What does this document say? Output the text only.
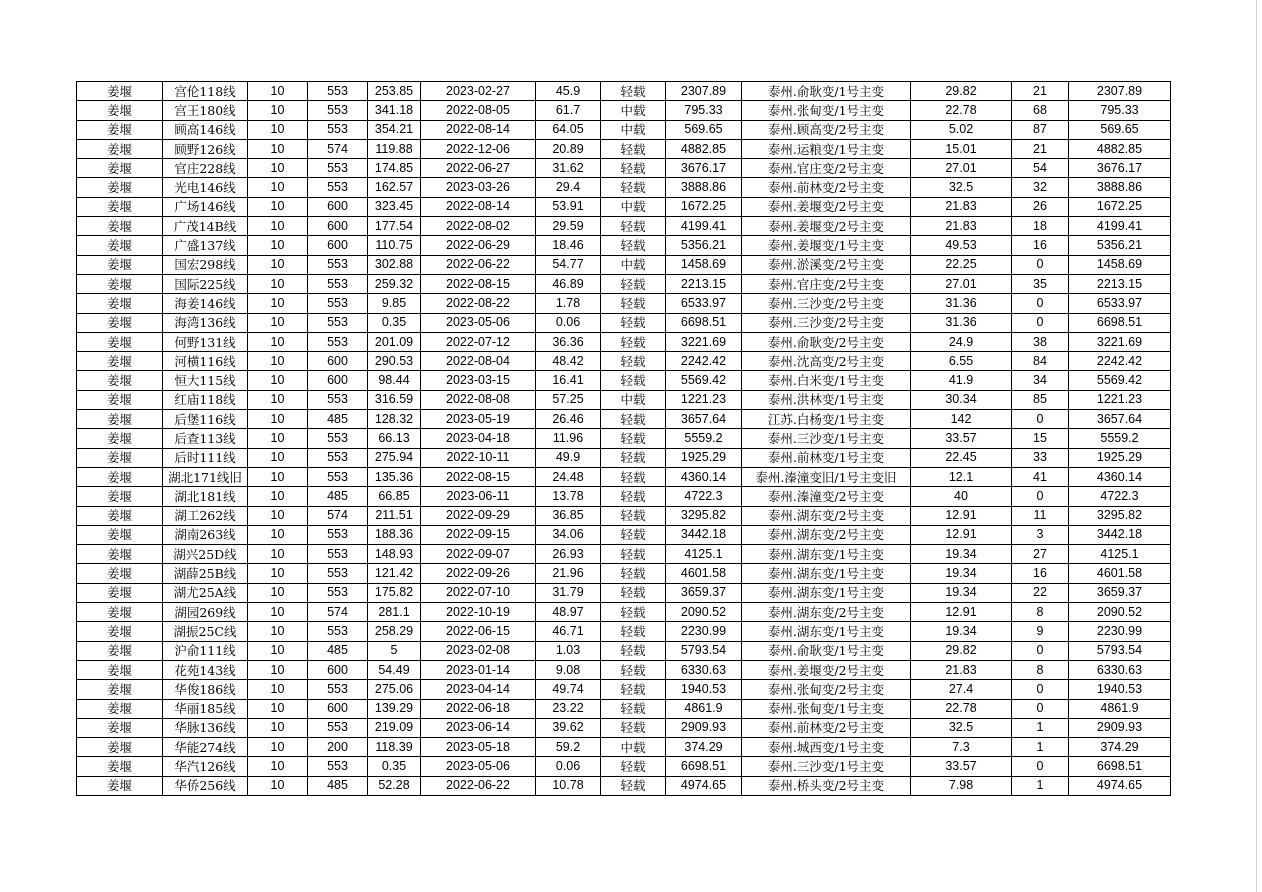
姜堰	宫伦118线	10	553	253.85	2023-02-27	45.9	轻载	2307.89	泰州.俞耿变/1号主变	29.82	21	2307.89
姜堰	宫王180线	10	553	341.18	2022-08-05	61.7	中载	795.33	泰州.张甸变/1号主变	22.78	68	795.33
姜堰	顾高146线	10	553	354.21	2022-08-14	64.05	中载	569.65	泰州.顾高变/2号主变	5.02	87	569.65
姜堰	顾野126线	10	574	119.88	2022-12-06	20.89	轻载	4882.85	泰州.运粮变/1号主变	15.01	21	4882.85
姜堰	官庄228线	10	553	174.85	2022-06-27	31.62	轻载	3676.17	泰州.官庄变/2号主变	27.01	54	3676.17
姜堰	光电146线	10	553	162.57	2023-03-26	29.4	轻载	3888.86	泰州.前林变/2号主变	32.5	32	3888.86
姜堰	广场146线	10	600	323.45	2022-08-14	53.91	中载	1672.25	泰州.姜堰变/2号主变	21.83	26	1672.25
姜堰	广茂14B线	10	600	177.54	2022-08-02	29.59	轻载	4199.41	泰州.姜堰变/2号主变	21.83	18	4199.41
姜堰	广盛137线	10	600	110.75	2022-06-29	18.46	轻载	5356.21	泰州.姜堰变/1号主变	49.53	16	5356.21
姜堰	国宏298线	10	553	302.88	2022-06-22	54.77	中载	1458.69	泰州.淤溪变/2号主变	22.25	0	1458.69
姜堰	国际225线	10	553	259.32	2022-08-15	46.89	轻载	2213.15	泰州.官庄变/2号主变	27.01	35	2213.15
姜堰	海姜146线	10	553	9.85	2022-08-22	1.78	轻载	6533.97	泰州.三沙变/2号主变	31.36	0	6533.97
姜堰	海湾136线	10	553	0.35	2023-05-06	0.06	轻载	6698.51	泰州.三沙变/2号主变	31.36	0	6698.51
姜堰	何野131线	10	553	201.09	2022-07-12	36.36	轻载	3221.69	泰州.俞耿变/2号主变	24.9	38	3221.69
姜堰	河横116线	10	600	290.53	2022-08-04	48.42	轻载	2242.42	泰州.沈高变/2号主变	6.55	84	2242.42
姜堰	恒大115线	10	600	98.44	2023-03-15	16.41	轻载	5569.42	泰州.白米变/1号主变	41.9	34	5569.42
姜堰	红庙118线	10	553	316.59	2022-08-08	57.25	中载	1221.23	泰州.洪林变/1号主变	30.34	85	1221.23
姜堰	后堡116线	10	485	128.32	2023-05-19	26.46	轻载	3657.64	江苏.白杨变/1号主变	142	0	3657.64
姜堰	后查113线	10	553	66.13	2023-04-18	11.96	轻载	5559.2	泰州.三沙变/1号主变	33.57	15	5559.2
姜堰	后时111线	10	553	275.94	2022-10-11	49.9	轻载	1925.29	泰州.前林变/1号主变	22.45	33	1925.29
姜堰	湖北171线旧	10	553	135.36	2022-08-15	24.48	轻载	4360.14	泰州.溱潼变旧/1号主变旧	12.1	41	4360.14
姜堰	湖北181线	10	485	66.85	2023-06-11	13.78	轻载	4722.3	泰州.溱潼变/2号主变	40	0	4722.3
姜堰	湖工262线	10	574	211.51	2022-09-29	36.85	轻载	3295.82	泰州.湖东变/2号主变	12.91	11	3295.82
姜堰	湖南263线	10	553	188.36	2022-09-15	34.06	轻载	3442.18	泰州.湖东变/2号主变	12.91	3	3442.18
姜堰	湖兴25D线	10	553	148.93	2022-09-07	26.93	轻载	4125.1	泰州.湖东变/1号主变	19.34	27	4125.1
姜堰	湖薛25B线	10	553	121.42	2022-09-26	21.96	轻载	4601.58	泰州.湖东变/1号主变	19.34	16	4601.58
姜堰	湖尤25A线	10	553	175.82	2022-07-10	31.79	轻载	3659.37	泰州.湖东变/1号主变	19.34	22	3659.37
姜堰	湖园269线	10	574	281.1	2022-10-19	48.97	轻载	2090.52	泰州.湖东变/2号主变	12.91	8	2090.52
姜堰	湖振25C线	10	553	258.29	2022-06-15	46.71	轻载	2230.99	泰州.湖东变/1号主变	19.34	9	2230.99
姜堰	沪俞111线	10	485	5	2023-02-08	1.03	轻载	5793.54	泰州.俞耿变/1号主变	29.82	0	5793.54
姜堰	花苑143线	10	600	54.49	2023-01-14	9.08	轻载	6330.63	泰州.姜堰变/2号主变	21.83	8	6330.63
姜堰	华俊186线	10	553	275.06	2023-04-14	49.74	轻载	1940.53	泰州.张甸变/2号主变	27.4	0	1940.53
姜堰	华丽185线	10	600	139.29	2022-06-18	23.22	轻载	4861.9	泰州.张甸变/1号主变	22.78	0	4861.9
姜堰	华脉136线	10	553	219.09	2023-06-14	39.62	轻载	2909.93	泰州.前林变/2号主变	32.5	1	2909.93
姜堰	华能274线	10	200	118.39	2023-05-18	59.2	中载	374.29	泰州.城西变/1号主变	7.3	1	374.29
姜堰	华汽126线	10	553	0.35	2023-05-06	0.06	轻载	6698.51	泰州.三沙变/1号主变	33.57	0	6698.51
姜堰	华侨256线	10	485	52.28	2022-06-22	10.78	轻载	4974.65	泰州.桥头变/2号主变	7.98	1	4974.65
